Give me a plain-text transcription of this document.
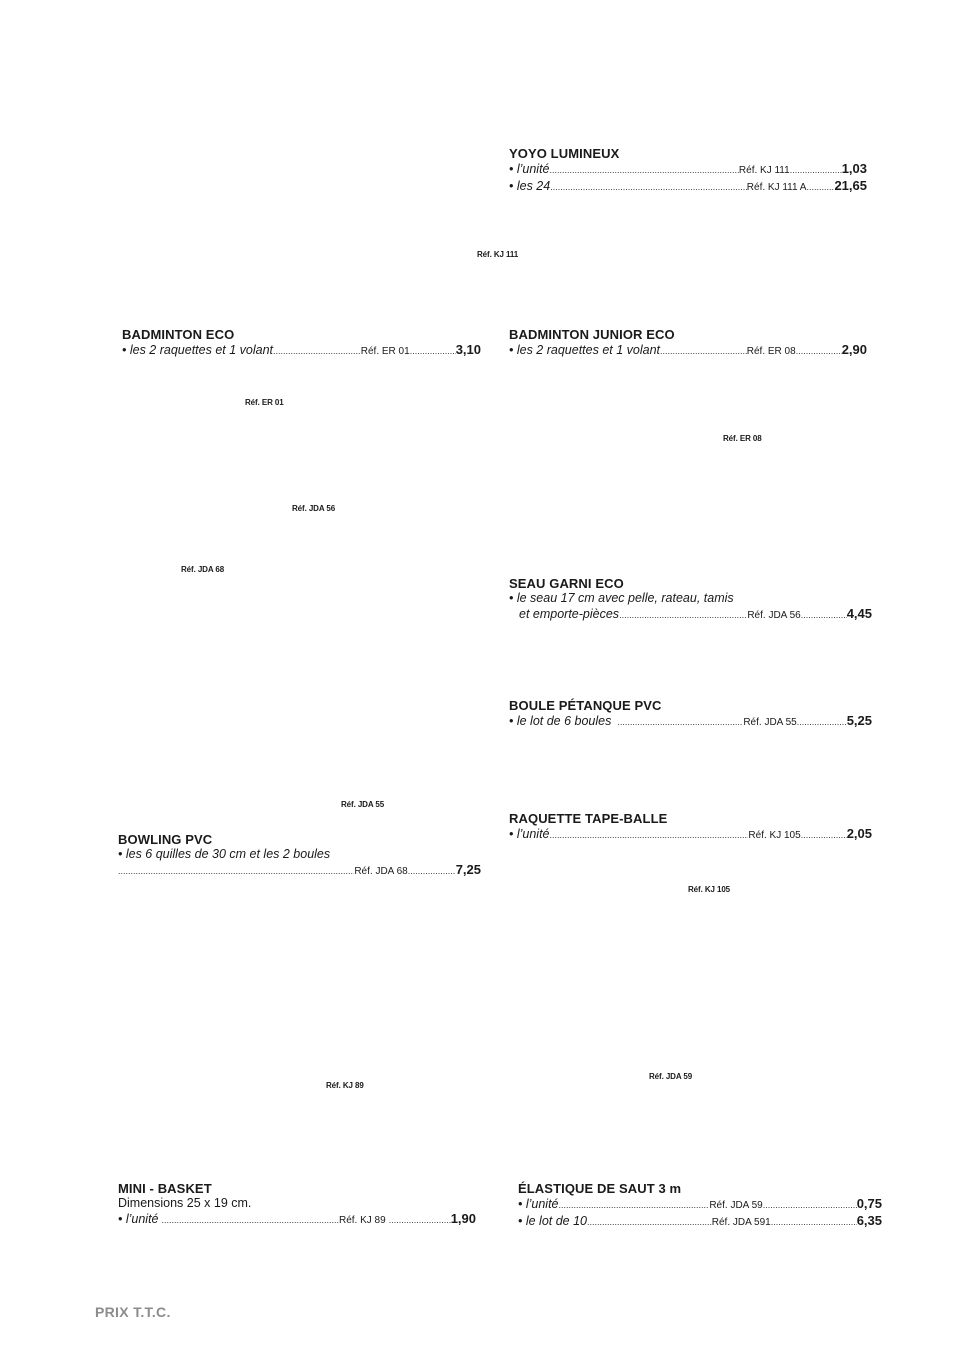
YOYO LUMINEUX
• l’unité .....	Réf. KJ 111 .....	1,03
• les 24 .....	Réf. KJ 111 A ..... 21,65
BADMINTON ECO
• les 2 raquettes et 1 volant .....	Réf. ER 01 .....	3,10
BADMINTON JUNIOR ECO
• les 2 raquettes et 1 volant .....	Réf. ER 08 .....	2,90
SEAU GARNI ECO
• le seau 17 cm avec pelle, rateau, tamis
et emporte-pièces .....	Réf. JDA 56 .....	4,45
BOULE PÉTANQUE PVC
• le lot de 6 boules .....	Réf. JDA 55 .....	5,25
RAQUETTE TAPE-BALLE
• l’unité .....	Réf. KJ 105 .....	2,05
BOWLING PVC
• les 6 quilles de 30 cm et les 2 boules
.....
Réf. JDA 68 .....	7,25
MINI - BASKET
Dimensions 25 x 19 cm.
• l’unité .....	Réf. KJ 89 .....	1,90
ÉLASTIQUE DE SAUT 3 m
• l’unité .....	Réf. JDA 59 .....	0,75
• le lot de 10 .....	Réf. JDA 591 .....	6,35
Réf. KJ 111
Réf. ER 01
Réf. ER 08
Réf. JDA 56
Réf. JDA 68
Réf. JDA 55
Réf. KJ 105
Réf. KJ 89
Réf. JDA 59
PRIX T.T.C.
